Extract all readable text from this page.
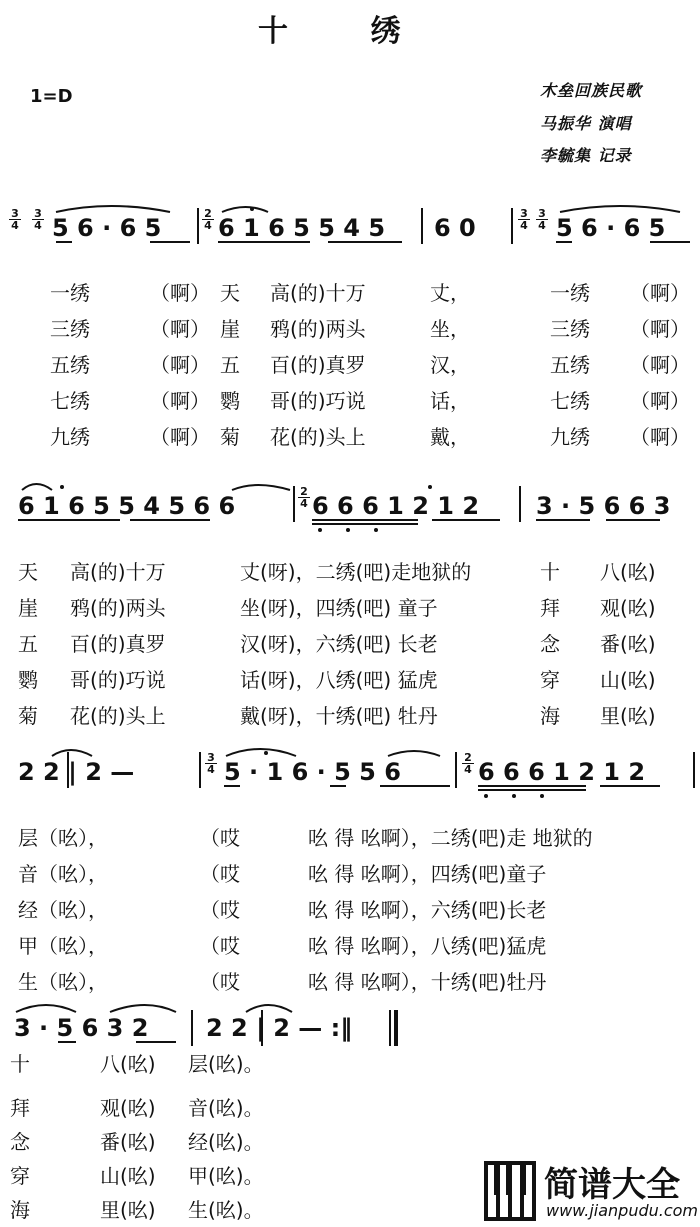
十 绣
1=D	木垒回族民歌
马振华 演唱
李毓集 记录
3
4
3
4 5 6 · 6 5
2
4 6 1 6 5 5 4 5 6 0
3
4
3
4 5 6 · 6 5
一绣	（啊） 天 高(的)十万	丈，	一绣 （啊）
三绣	（啊） 崖 鸦(的)两头	坐，	三绣 （啊）
五绣	（啊） 五 百(的)真罗	汉，	五绣 （啊）
七绣	（啊） 鹦 哥(的)巧说	话，	七绣 （啊）
九绣	（啊） 菊 花(的)头上	戴，	九绣 （啊）
6 1 6 5 5 4 5 6 6
2
4 6 6 6 1 2 1 2 3 · 5 6 6 3
天 高(的)十万	丈(呀)，二绣(吧)走地狱的	十 八(吆)
崖 鸦(的)两头	坐(呀)，四绣(吧) 童子	拜 观(吆)
五 百(的)真罗	汉(呀)，六绣(吧) 长老	念 番(吆)
鹦 哥(的)巧说	话(呀)，八绣(吧) 猛虎	穿 山(吆)
菊 花(的)头上	戴(呀)，十绣(吧) 牡丹	海 里(吆)
2 2 | 2 —
3
4 5 · 1 6 · 5 5 6
2
4 6 6 6 1 2 1 2
层（吆），	（哎	吆 得 吆啊），二绣(吧)走 地狱的
音（吆），	（哎	吆 得 吆啊），四绣(吧)童子
经（吆），	（哎	吆 得 吆啊），六绣(吧)长老
甲（吆），	（哎	吆 得 吆啊），八绣(吧)猛虎
生（吆），	（哎	吆 得 吆啊），十绣(吧)牡丹
3 · 5 6 3 2 2 2 | 2 — :‖
十	八(吆) 层(吆)。
拜	观(吆) 音(吆)。
念	番(吆) 经(吆)。
穿	山(吆) 甲(吆)。
海	里(吆) 生(吆)。
简谱大全
www.jianpudu.com
